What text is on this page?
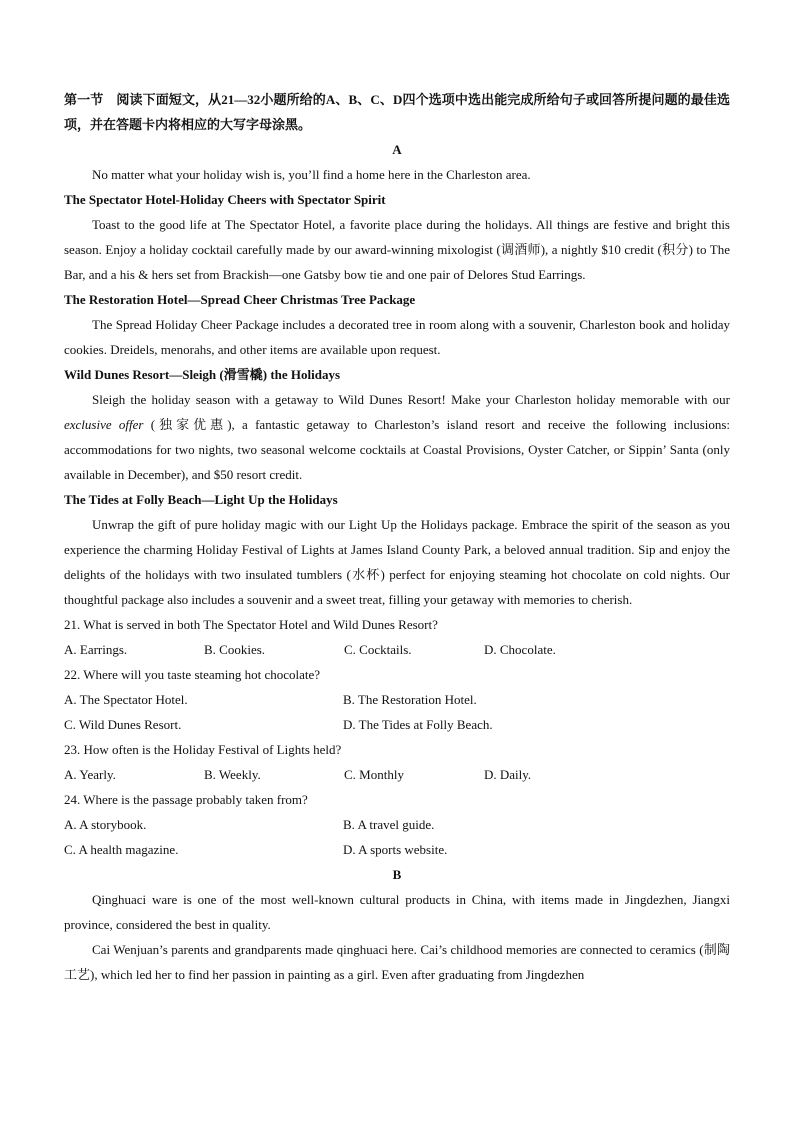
第一节　阅读下面短文，从21—32小题所给的A、B、C、D四个选项中选出能完成所给句子或回答所提问题的最佳选项，并在答题卡内将相应的大写字母涂黑。
A
No matter what your holiday wish is, you’ll find a home here in the Charleston area.
The Spectator Hotel-Holiday Cheers with Spectator Spirit
Toast to the good life at The Spectator Hotel, a favorite place during the holidays. All things are festive and bright this season. Enjoy a holiday cocktail carefully made by our award-winning mixologist (调酒师), a nightly $10 credit (积分) to The Bar, and a his & hers set from Brackish—one Gatsby bow tie and one pair of Delores Stud Earrings.
The Restoration Hotel—Spread Cheer Christmas Tree Package
The Spread Holiday Cheer Package includes a decorated tree in room along with a souvenir, Charleston book and holiday cookies. Dreidels, menorahs, and other items are available upon request.
Wild Dunes Resort—Sleigh (滑雪橇) the Holidays
Sleigh the holiday season with a getaway to Wild Dunes Resort! Make your Charleston holiday memorable with our exclusive offer (独家优惠), a fantastic getaway to Charleston’s island resort and receive the following inclusions: accommodations for two nights, two seasonal welcome cocktails at Coastal Provisions, Oyster Catcher, or Sippin’ Santa (only available in December), and $50 resort credit.
The Tides at Folly Beach—Light Up the Holidays
Unwrap the gift of pure holiday magic with our Light Up the Holidays package. Embrace the spirit of the season as you experience the charming Holiday Festival of Lights at James Island County Park, a beloved annual tradition. Sip and enjoy the delights of the holidays with two insulated tumblers (水杯) perfect for enjoying steaming hot chocolate on cold nights. Our thoughtful package also includes a souvenir and a sweet treat, filling your getaway with memories to cherish.
21. What is served in both The Spectator Hotel and Wild Dunes Resort?
A. Earrings.	B. Cookies.	C. Cocktails.	D. Chocolate.
22. Where will you taste steaming hot chocolate?
A. The Spectator Hotel.	B. The Restoration Hotel.
C. Wild Dunes Resort.	D. The Tides at Folly Beach.
23. How often is the Holiday Festival of Lights held?
A. Yearly.	B. Weekly.	C. Monthly	D. Daily.
24. Where is the passage probably taken from?
A. A storybook.	B. A travel guide.
C. A health magazine.	D. A sports website.
B
Qinghuaci ware is one of the most well-known cultural products in China, with items made in Jingdezhen, Jiangxi province, considered the best in quality.
Cai Wenjuan’s parents and grandparents made qinghuaci here. Cai’s childhood memories are connected to ceramics (制陶工艺), which led her to find her passion in painting as a girl. Even after graduating from Jingdezhen
